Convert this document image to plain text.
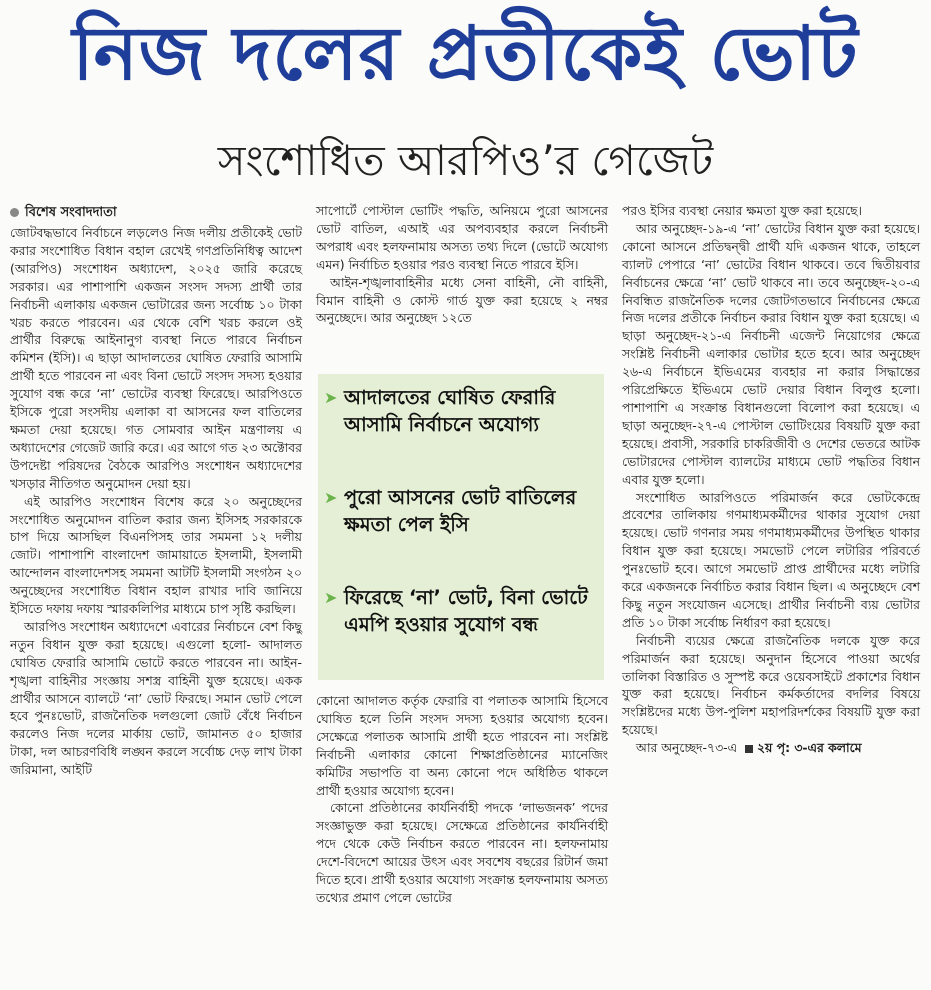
নিজ দলের প্রতীকেই ভোট
সংশোধিত আরপিও’র গেজেট

বিশেষ সংবাদদাতা

জোটবদ্ধভাবে নির্বাচনে লড়লেও নিজ দলীয় প্রতীকেই ভোট করার সংশোধিত বিধান বহাল রেখেই গণপ্রতিনিধিত্ব আদেশ (আরপিও) সংশোধন অধ্যাদেশ, ২০২৫ জারি করেছে সরকার। এর পাশাপাশি একজন সংসদ সদস্য প্রার্থী তার নির্বাচনী এলাকায় একজন ভোটারের জন্য সর্বোচ্চ ১০ টাকা খরচ করতে পারবেন। এর থেকে বেশি খরচ করলে ওই প্রার্থীর বিরুদ্ধে আইনানুগ ব্যবস্থা নিতে পারবে নির্বাচন কমিশন (ইসি)। এ ছাড়া আদালতের ঘোষিত ফেরারি আসামি প্রার্থী হতে পারবেন না এবং বিনা ভোটে সংসদ সদস্য হওয়ার সুযোগ বন্ধ করে ‘না’ ভোটের ব্যবস্থা ফিরেছে। আরপিওতে ইসিকে পুরো সংসদীয় এলাকা বা আসনের ফল বাতিলের ক্ষমতা দেয়া হয়েছে। গত সোমবার আইন মন্ত্রণালয় এ অধ্যাদেশের গেজেট জারি করে। এর আগে গত ২৩ অক্টোবর উপদেষ্টা পরিষদের বৈঠকে আরপিও সংশোধন অধ্যাদেশের খসড়ার নীতিগত অনুমোদন দেয়া হয়।

এই আরপিও সংশোধন বিশেষ করে ২০ অনুচ্ছেদের সংশোধিত অনুমোদন বাতিল করার জন্য ইসিসহ সরকারকে চাপ দিয়ে আসছিল বিএনপিসহ তার সমমনা ১২ দলীয় জোট। পাশাপাশি বাংলাদেশ জামায়াতে ইসলামী, ইসলামী আন্দোলন বাংলাদেশসহ সমমনা আটটি ইসলামী সংগঠন ২০ অনুচ্ছেদের সংশোধিত বিধান বহাল রাখার দাবি জানিয়ে ইসিতে দফায় দফায় স্মারকলিপির মাধ্যমে চাপ সৃষ্টি করছিল।

আরপিও সংশোধন অধ্যাদেশে এবারের নির্বাচনে বেশ কিছু নতুন বিধান যুক্ত করা হয়েছে। এগুলো হলো- আদালত ঘোষিত ফেরারি আসামি ভোটে করতে পারবেন না। আইন-শৃঙ্খলা বাহিনীর সংজ্ঞায় সশস্ত্র বাহিনী যুক্ত হয়েছে। একক প্রার্থীর আসনে ব্যালটে ‘না’ ভোট ফিরছে। সমান ভোট পেলে হবে পুনঃভোট, রাজনৈতিক দলগুলো জোট বেঁধে নির্বাচন করলেও নিজ দলের মার্কায় ভোট, জামানত ৫০ হাজার টাকা, দল আচরণবিধি লঙ্ঘন করলে সর্বোচ্চ দেড় লাখ টাকা জরিমানা, আইটি

সাপোর্টে পোস্টাল ভোটিং পদ্ধতি, অনিয়মে পুরো আসনের ভোট বাতিল, এআই এর অপব্যবহার করলে নির্বাচনী অপরাধ এবং হলফনামায় অসত্য তথ্য দিলে (ভোটে অযোগ্য এমন) নির্বাচিত হওয়ার পরও ব্যবস্থা নিতে পারবে ইসি।

আইন-শৃঙ্খলাবাহিনীর মধ্যে সেনা বাহিনী, নৌ বাহিনী, বিমান বাহিনী ও কোস্ট গার্ড যুক্ত করা হয়েছে ২ নম্বর অনুচ্ছেদে। আর অনুচ্ছেদ ১২তে

➤ আদালতের ঘোষিত ফেরারি আসামি নির্বাচনে অযোগ্য
➤ পুরো আসনের ভোট বাতিলের ক্ষমতা পেল ইসি
➤ ফিরেছে ‘না’ ভোট, বিনা ভোটে এমপি হওয়ার সুযোগ বন্ধ

কোনো আদালত কর্তৃক ফেরারি বা পলাতক আসামি হিসেবে ঘোষিত হলে তিনি সংসদ সদস্য হওয়ার অযোগ্য হবেন। সেক্ষেত্রে পলাতক আসামি প্রার্থী হতে পারবেন না। সংশ্লিষ্ট নির্বাচনী এলাকার কোনো শিক্ষাপ্রতিষ্ঠানের ম্যানেজিং কমিটির সভাপতি বা অন্য কোনো পদে অধিষ্ঠিত থাকলে প্রার্থী হওয়ার অযোগ্য হবেন।

কোনো প্রতিষ্ঠানের কার্যনির্বাহী পদকে ‘লাভজনক’ পদের সংজ্ঞাভুক্ত করা হয়েছে। সেক্ষেত্রে প্রতিষ্ঠানের কার্যনির্বাহী পদে থেকে কেউ নির্বাচন করতে পারবেন না। হলফনামায় দেশে-বিদেশে আয়ের উৎস এবং সবশেষ বছরের রিটার্ন জমা দিতে হবে। প্রার্থী হওয়ার অযোগ্য সংক্রান্ত হলফনামায় অসত্য তথ্যের প্রমাণ পেলে ভোটের

পরও ইসির ব্যবস্থা নেয়ার ক্ষমতা যুক্ত করা হয়েছে।

আর অনুচ্ছেদ-১৯-এ ‘না’ ভোটের বিধান যুক্ত করা হয়েছে। কোনো আসনে প্রতিদ্বন্দ্বী প্রার্থী যদি একজন থাকে, তাহলে ব্যালট পেপারে ‘না’ ভোটের বিধান থাকবে। তবে দ্বিতীয়বার নির্বাচনের ক্ষেত্রে ‘না’ ভোট থাকবে না। তবে অনুচ্ছেদ-২০-এ নিবন্ধিত রাজনৈতিক দলের জোটগতভাবে নির্বাচনের ক্ষেত্রে নিজ দলের প্রতীকে নির্বাচন করার বিধান যুক্ত করা হয়েছে। এ ছাড়া অনুচ্ছেদ-২১-এ নির্বাচনী এজেন্ট নিয়োগের ক্ষেত্রে সংশ্লিষ্ট নির্বাচনী এলাকার ভোটার হতে হবে। আর অনুচ্ছেদ ২৬-এ নির্বাচনে ইভিএমের ব্যবহার না করার সিদ্ধান্তের পরিপ্রেক্ষিতে ইভিএমে ভোট দেয়ার বিধান বিলুপ্ত হলো। পাশাপাশি এ সংক্রান্ত বিধানগুলো বিলোপ করা হয়েছে। এ ছাড়া অনুচ্ছেদ-২৭-এ পোস্টাল ভোটিংয়ের বিষয়টি যুক্ত করা হয়েছে। প্রবাসী, সরকারি চাকরিজীবী ও দেশের ভেতরে আটক ভোটারদের পোস্টাল ব্যালটের মাধ্যমে ভোট পদ্ধতির বিধান এবার যুক্ত হলো।

সংশোধিত আরপিওতে পরিমার্জন করে ভোটকেন্দ্রে প্রবেশের তালিকায় গণমাধ্যমকর্মীদের থাকার সুযোগ দেয়া হয়েছে। ভোট গণনার সময় গণমাধ্যমকর্মীদের উপস্থিত থাকার বিধান যুক্ত করা হয়েছে। সমভোট পেলে লটারির পরিবর্তে পুনঃভোট হবে। আগে সমভোট প্রাপ্ত প্রার্থীদের মধ্যে লটারি করে একজনকে নির্বাচিত করার বিধান ছিল। এ অনুচ্ছেদে বেশ কিছু নতুন সংযোজন এসেছে। প্রার্থীর নির্বাচনী ব্যয় ভোটার প্রতি ১০ টাকা সর্বোচ্চ নির্ধারণ করা হয়েছে।

নির্বাচনী ব্যয়ের ক্ষেত্রে রাজনৈতিক দলকে যুক্ত করে পরিমার্জন করা হয়েছে। অনুদান হিসেবে পাওয়া অর্থের তালিকা বিস্তারিত ও সুস্পষ্ট করে ওয়েবসাইটে প্রকাশের বিধান যুক্ত করা হয়েছে। নির্বাচন কর্মকর্তাদের বদলির বিষয়ে সংশ্লিষ্টদের মধ্যে উপ-পুলিশ মহাপরিদর্শকের বিষয়টি যুক্ত করা হয়েছে।

আর অনুচ্ছেদ-৭৩-এ ২য় পৃ: ৩-এর কলামে
